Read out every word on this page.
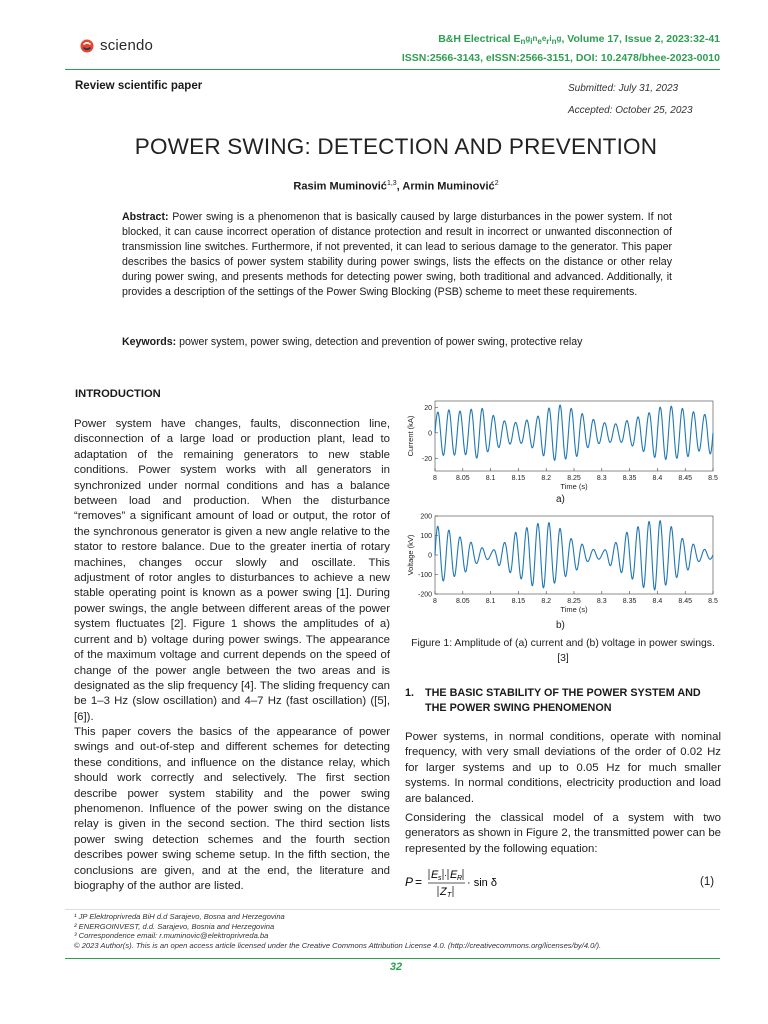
sciendo	B&H Electrical Engineering, Volume 17, Issue 2, 2023:32-41
ISSN:2566-3143, eISSN:2566-3151, DOI: 10.2478/bhee-2023-0010
Review scientific paper	Submitted: July 31, 2023
Accepted: October 25, 2023
POWER SWING: DETECTION AND PREVENTION
Rasim Muminović$^{1,3}$, Armin Muminović$^2$
Abstract: Power swing is a phenomenon that is basically caused by large disturbances in the power system. If not blocked, it can cause incorrect operation of distance protection and result in incorrect or unwanted disconnection of transmission line switches. Furthermore, if not prevented, it can lead to serious damage to the generator. This paper describes the basics of power system stability during power swings, lists the effects on the distance or other relay during power swing, and presents methods for detecting power swing, both traditional and advanced. Additionally, it provides a description of the settings of the Power Swing Blocking (PSB) scheme to meet these requirements.
Keywords: power system, power swing, detection and prevention of power swing, protective relay
INTRODUCTION
Power system have changes, faults, disconnection line, disconnection of a large load or production plant, lead to adaptation of the remaining generators to new stable conditions. Power system works with all generators in synchronized under normal conditions and has a balance between load and production. When the disturbance “removes” a significant amount of load or output, the rotor of the synchronous generator is given a new angle relative to the stator to restore balance. Due to the greater inertia of rotary machines, changes occur slowly and oscillate. This adjustment of rotor angles to disturbances to achieve a new stable operating point is known as a power swing [1]. During power swings, the angle between different areas of the power system fluctuates [2]. Figure 1 shows the amplitudes of a) current and b) voltage during power swings. The appearance of the maximum voltage and current depends on the speed of change of the power angle between the two areas and is designated as the slip frequency [4]. The sliding frequency can be 1–3 Hz (slow oscillation) and 4–7 Hz (fast oscillation) ([5],[6]).
This paper covers the basics of the appearance of power swings and out-of-step and different schemes for detecting these conditions, and influence on the distance relay, which should work correctly and selectively. The first section describe power system stability and the power swing phenomenon. Influence of the power swing on the distance relay is given in the second section. The third section lists power swing detection schemes and the fourth section describes power swing scheme setup. In the fifth section, the conclusions are given, and at the end, the literature and biography of the author are listed.
8	8.05 8.1 8.15 8.2 8.25 8.3 8.35 8.4 8.45 8.5
20
0
-20
Time (s)
Current (kA)
a)
8	8.05 8.1 8.15 8.2 8.25 8.3 8.35 8.4 8.45 8.5
200
100
0
-100
-200
Time (s)
Voltage (kV)
b)
Figure 1: Amplitude of (a) current and (b) voltage in power swings. [3]
1.	THE BASIC STABILITY OF THE POWER SYSTEM AND THE POWER SWING PHENOMENON
Power systems, in normal conditions, operate with nominal frequency, with very small deviations of the order of 0.02 Hz for larger systems and up to 0.05 Hz for much smaller systems. In normal conditions, electricity production and load are balanced.
Considering the classical model of a system with two generators as shown in Figure 2, the transmitted power can be represented by the following equation:
P = E s · E R
Z T
· sin δ	(1)
¹ JP Elektroprivreda BiH d.d Sarajevo, Bosna and Herzegovina
² ENERGOINVEST, d.d. Sarajevo, Bosnia and Herzegovina
³ Correspondence email: r.muminovic@elektroprivreda.ba
© 2023 Author(s). This is an open access article licensed under the Creative Commons Attribution License 4.0. (http://creativecommons.org/licenses/by/4.0/).
32
